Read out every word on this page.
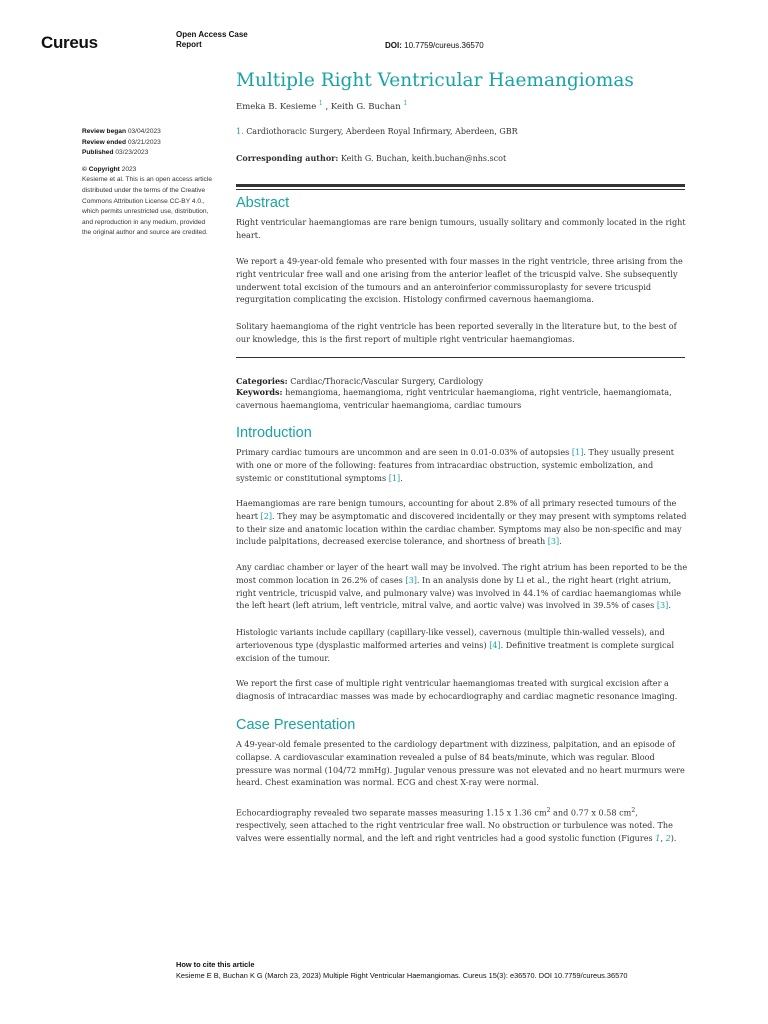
Cureus	Open Access Case Report	DOI: 10.7759/cureus.36570
Multiple Right Ventricular Haemangiomas
Emeka B. Kesieme $^1$ , Keith G. Buchan $^1$
1. Cardiothoracic Surgery, Aberdeen Royal Infirmary, Aberdeen, GBR
Corresponding author: Keith G. Buchan, keith.buchan@nhs.scot
Review began 03/04/2023
Review ended 03/21/2023
Published 03/23/2023
© Copyright 2023
Kesieme et al. This is an open access article distributed under the terms of the Creative Commons Attribution License CC-BY 4.0., which permits unrestricted use, distribution, and reproduction in any medium, provided the original author and source are credited.
Abstract

Right ventricular haemangiomas are rare benign tumours, usually solitary and commonly located in the right heart.

We report a 49-year-old female who presented with four masses in the right ventricle, three arising from the right ventricular free wall and one arising from the anterior leaflet of the tricuspid valve. She subsequently underwent total excision of the tumours and an anteroinferior commissuroplasty for severe tricuspid regurgitation complicating the excision. Histology confirmed cavernous haemangioma.

Solitary haemangioma of the right ventricle has been reported severally in the literature but, to the best of our knowledge, this is the first report of multiple right ventricular haemangiomas.

Categories: Cardiac/Thoracic/Vascular Surgery, Cardiology

Keywords: hemangioma, haemangioma, right ventricular haemangioma, right ventricle, haemangiomata, cavernous haemangioma, ventricular haemangioma, cardiac tumours

Introduction

Primary cardiac tumours are uncommon and are seen in 0.01-0.03% of autopsies [1]. They usually present with one or more of the following: features from intracardiac obstruction, systemic embolization, and systemic or constitutional symptoms [1].

Haemangiomas are rare benign tumours, accounting for about 2.8% of all primary resected tumours of the heart [2]. They may be asymptomatic and discovered incidentally or they may present with symptoms related to their size and anatomic location within the cardiac chamber. Symptoms may also be non-specific and may include palpitations, decreased exercise tolerance, and shortness of breath [3].

Any cardiac chamber or layer of the heart wall may be involved. The right atrium has been reported to be the most common location in 26.2% of cases [3]. In an analysis done by Li et al., the right heart (right atrium, right ventricle, tricuspid valve, and pulmonary valve) was involved in 44.1% of cardiac haemangiomas while the left heart (left atrium, left ventricle, mitral valve, and aortic valve) was involved in 39.5% of cases [3].

Histologic variants include capillary (capillary-like vessel), cavernous (multiple thin-walled vessels), and arteriovenous type (dysplastic malformed arteries and veins) [4]. Definitive treatment is complete surgical excision of the tumour.

We report the first case of multiple right ventricular haemangiomas treated with surgical excision after a diagnosis of intracardiac masses was made by echocardiography and cardiac magnetic resonance imaging.

Case Presentation

A 49-year-old female presented to the cardiology department with dizziness, palpitation, and an episode of collapse. A cardiovascular examination revealed a pulse of 84 beats/minute, which was regular. Blood pressure was normal (104/72 mmHg). Jugular venous pressure was not elevated and no heart murmurs were heard. Chest examination was normal. ECG and chest X-ray were normal.

Echocardiography revealed two separate masses measuring 1.15 x 1.36 $cm^2$ and 0.77 x 0.58 $cm^2$, respectively, seen attached to the right ventricular free wall. No obstruction or turbulence was noted. The valves were essentially normal, and the left and right ventricles had a good systolic function (Figures 1, 2).

How to cite this article
Kesieme E B, Buchan K G (March 23, 2023) Multiple Right Ventricular Haemangiomas. Cureus 15(3): e36570. DOI 10.7759/cureus.36570
